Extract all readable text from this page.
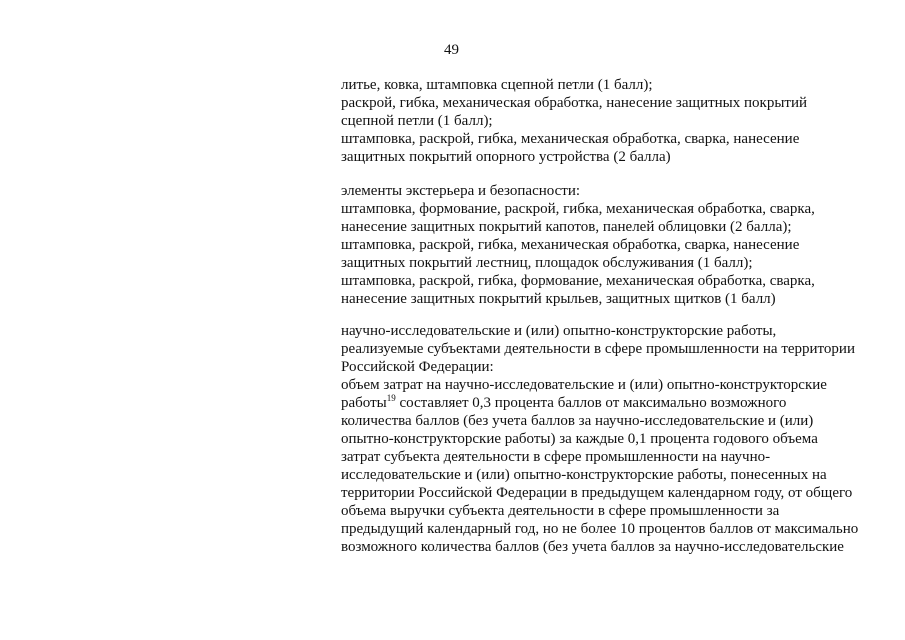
49
литье, ковка, штамповка сцепной петли (1 балл);
раскрой, гибка, механическая обработка, нанесение защитных покрытий
сцепной петли (1 балл);
штамповка, раскрой, гибка, механическая обработка, сварка, нанесение
защитных покрытий опорного устройства (2 балла)
элементы экстерьера и безопасности:
штамповка, формование, раскрой, гибка, механическая обработка, сварка,
нанесение защитных покрытий капотов, панелей облицовки (2 балла);
штамповка, раскрой, гибка, механическая обработка, сварка, нанесение
защитных покрытий лестниц, площадок обслуживания (1 балл);
штамповка, раскрой, гибка, формование, механическая обработка, сварка,
нанесение защитных покрытий крыльев, защитных щитков (1 балл)
научно-исследовательские и (или) опытно-конструкторские работы,
реализуемые субъектами деятельности в сфере промышленности на территории
Российской Федерации:
объем затрат на научно-исследовательские и (или) опытно-конструкторские
работы$^{19}$ составляет 0,3 процента баллов от максимально возможного
количества баллов (без учета баллов за научно-исследовательские и (или)
опытно-конструкторские работы) за каждые 0,1 процента годового объема
затрат субъекта деятельности в сфере промышленности на научно-
исследовательские и (или) опытно-конструкторские работы, понесенных на
территории Российской Федерации в предыдущем календарном году, от общего
объема выручки субъекта деятельности в сфере промышленности за
предыдущий календарный год, но не более 10 процентов баллов от максимально
возможного количества баллов (без учета баллов за научно-исследовательские
